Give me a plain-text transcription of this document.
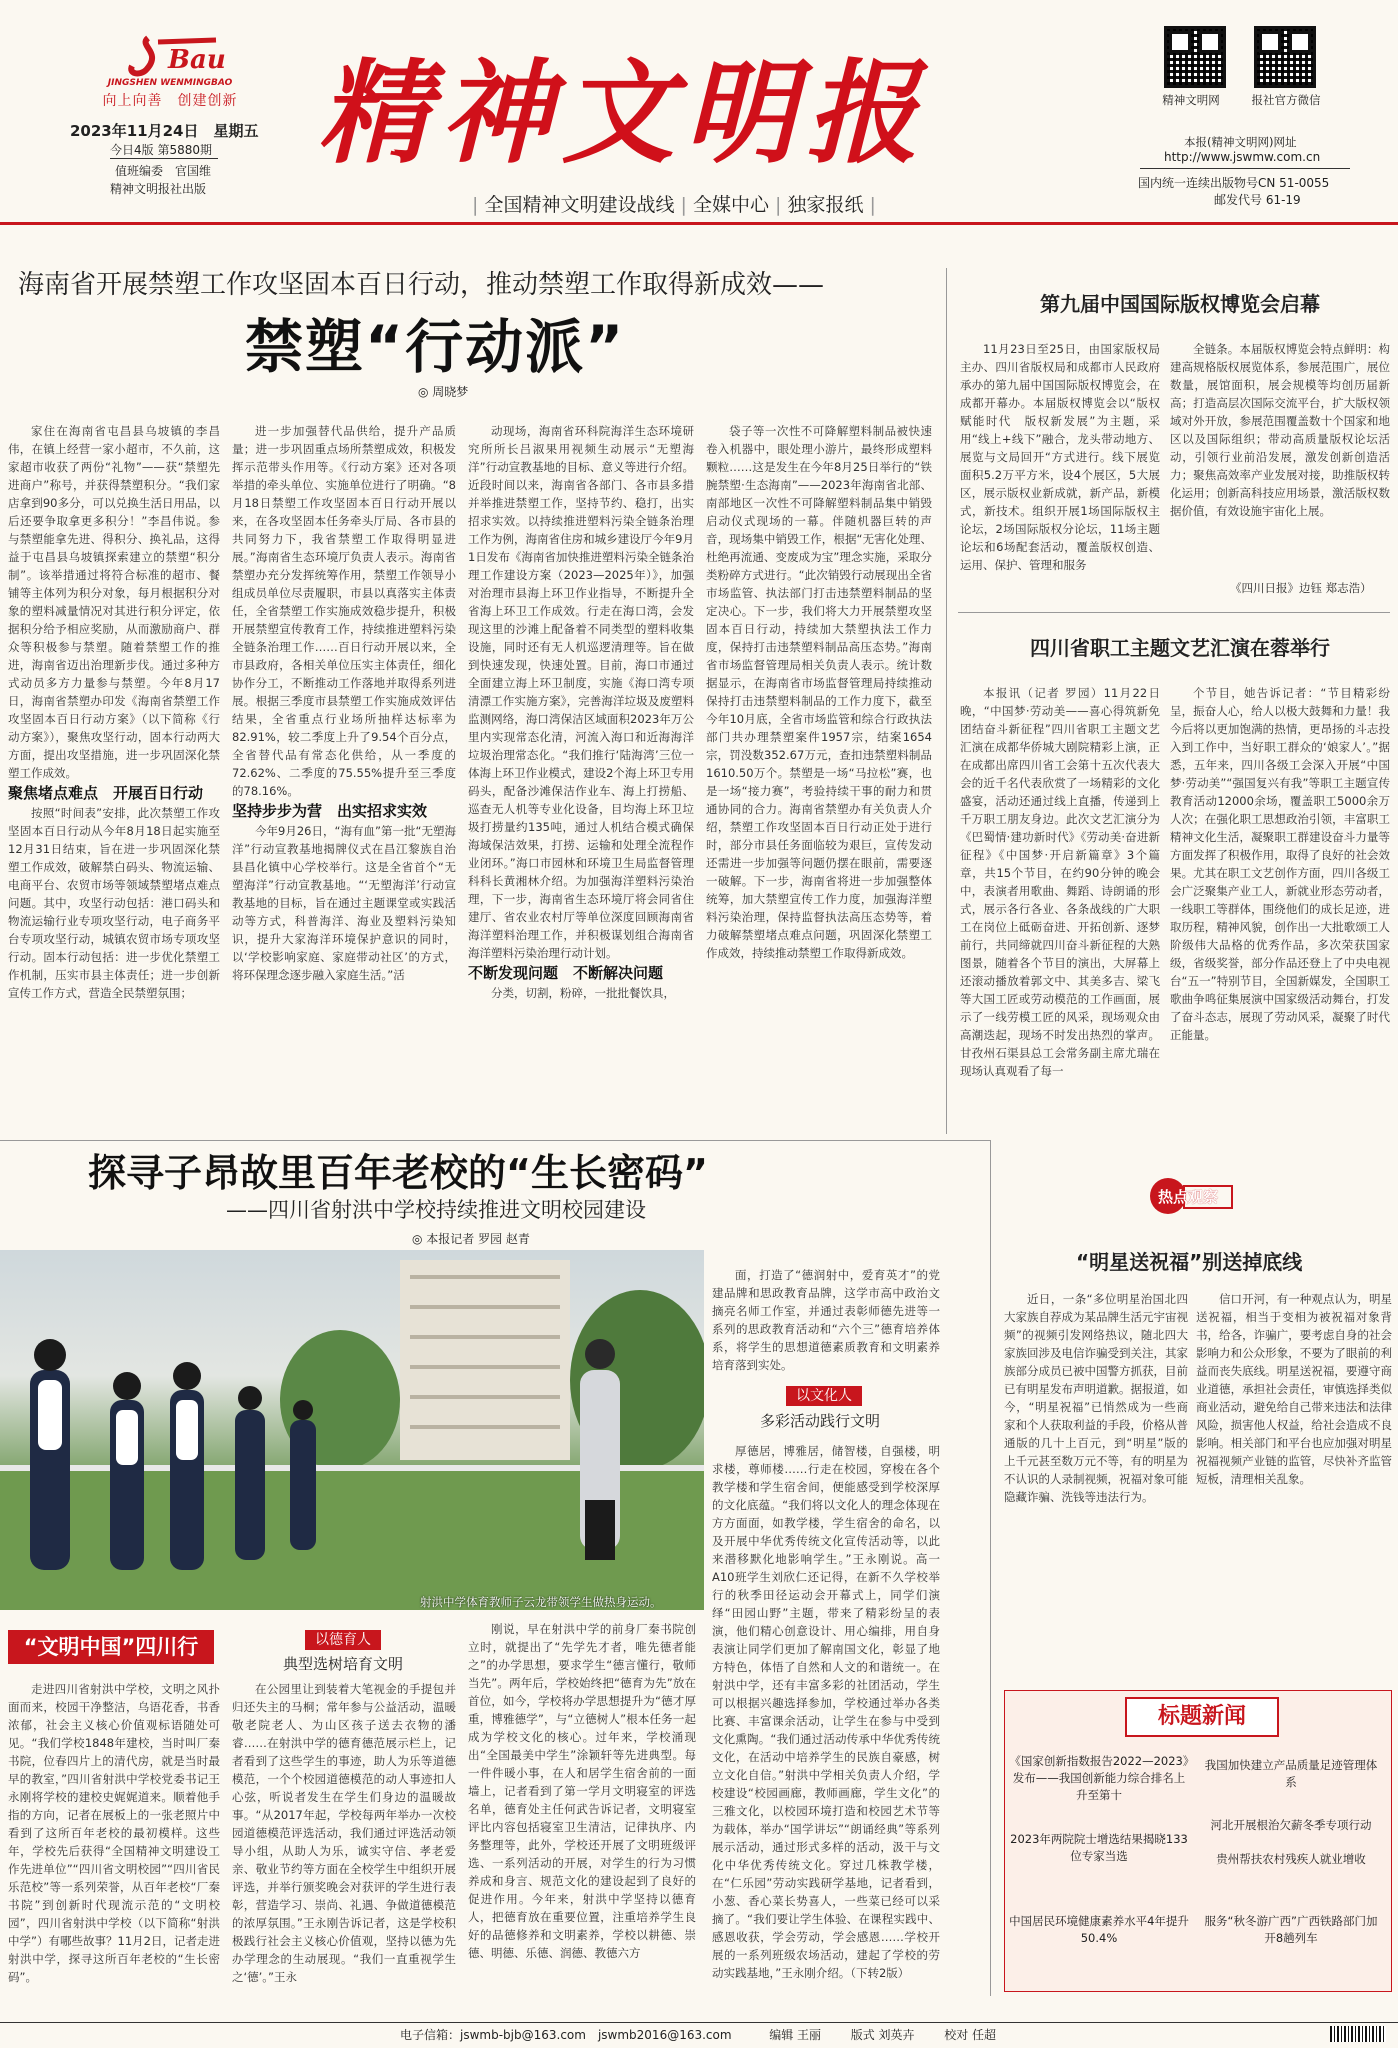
Bau
JINGSHEN WENMINGBAO
向上向善　创建创新
2023年11月24日　星期五
今日4版 第5880期
值班编委　官国维
精神文明报社出版
精神文明报	精神文明网	报社官方微信
本报(精神文明网)网址
http://www.jswmw.com.cn
国内统一连续出版物号CN 51-0055
邮发代号 61-19
| 全国精神文明建设战线 | 全媒中心 | 独家报纸 |
海南省开展禁塑工作攻坚固本百日行动，推动禁塑工作取得新成效——
禁塑“行动派”
◎ 周晓梦

家住在海南省屯昌县乌坡镇的李昌伟，在镇上经营一家小超市，不久前，这家超市收获了两份“礼物”——获“禁塑先进商户”称号，并获得禁塑积分。“我们家店拿到90多分，可以兑换生活日用品，以后还要争取拿更多积分！”李昌伟说。参与禁塑能拿先进、得积分、换礼品，这得益于屯昌县乌坡镇探索建立的禁塑“积分制”。该举措通过将符合标准的超市、餐铺等主体列为积分对象，每月根据积分对象的塑料减量情况对其进行积分评定，依据积分给予相应奖励，从而激励商户、群众等积极参与禁塑。随着禁塑工作的推进，海南省迈出治理新步伐。通过多种方式动员多方力量参与禁塑。今年8月17日，海南省禁塑办印发《海南省禁塑工作攻坚固本百日行动方案》（以下简称《行动方案》），聚焦攻坚行动，固本行动两大方面，提出攻坚措施，进一步巩固深化禁塑工作成效。

聚焦堵点难点　开展百日行动

按照“时间表”安排，此次禁塑工作攻坚固本百日行动从今年8月18日起实施至12月31日结束，旨在进一步巩固深化禁塑工作成效，破解禁白码头、物流运输、电商平台、农贸市场等领域禁塑堵点难点问题。其中，攻坚行动包括：港口码头和物流运输行业专项攻坚行动，电子商务平台专项攻坚行动，城镇农贸市场专项攻坚行动。固本行动包括：进一步优化禁塑工作机制，压实市县主体责任；进一步创新宣传工作方式，营造全民禁塑氛围；

进一步加强替代品供给，提升产品质量；进一步巩固重点场所禁塑成效，积极发挥示范带头作用等。《行动方案》还对各项举措的牵头单位、实施单位进行了明确。“8月18日禁塑工作攻坚固本百日行动开展以来，在各攻坚固本任务牵头厅局、各市县的共同努力下，我省禁塑工作取得明显进展。”海南省生态环境厅负责人表示。海南省禁塑办充分发挥统筹作用，禁塑工作领导小组成员单位尽责履职，市县以真落实主体责任，全省禁塑工作实施成效稳步提升，积极开展禁塑宣传教育工作，持续推进塑料污染全链条治理工作……百日行动开展以来，全市县政府，各相关单位压实主体责任，细化协作分工，不断推动工作落地并取得系列进展。根据三季度市县禁塑工作实施成效评估结果，全省重点行业场所抽样达标率为82.91%，较二季度上升了9.54个百分点，全省替代品有常态化供给，从一季度的72.62%、二季度的75.55%提升至三季度的78.16%。

坚持步步为营　出实招求实效

今年9月26日，“海有血”第一批“无塑海洋”行动宣教基地揭牌仪式在昌江黎族自治县昌化镇中心学校举行。这是全省首个“无塑海洋”行动宣教基地。“‘无塑海洋’行动宣教基地的目标，旨在通过主题课堂或实践活动等方式，科普海洋、海业及塑料污染知识，提升大家海洋环境保护意识的同时，以‘学校影响家庭、家庭带动社区’的方式，将环保理念逐步融入家庭生活。”活

动现场，海南省环科院海洋生态环境研究所所长吕淑果用视频生动展示“无塑海洋”行动宣教基地的目标、意义等进行介绍。近段时间以来，海南省各部门、各市县多措并举推进禁塑工作，坚持节约、稳打，出实招求实效。以持续推进塑料污染全链条治理工作为例，海南省住房和城乡建设厅今年9月1日发布《海南省加快推进塑料污染全链条治理工作建设方案（2023—2025年）》，加强对治理市县海上环卫作业指导，不断提升全省海上环卫工作成效。行走在海口湾，会发现这里的沙滩上配备着不同类型的塑料收集设施，同时还有无人机巡逻清理等。旨在做到快速发现，快速处置。目前，海口市通过全面建立海上环卫制度，实施《海口湾专项清漂工作实施方案》，完善海洋垃圾及废塑料监测网络，海口湾保洁区域面积2023年万公里内实现常态化清，河流入海口和近海海洋垃圾治理常态化。“我们推行‘陆海湾’三位一体海上环卫作业模式，建设2个海上环卫专用码头，配备沙滩保洁作业车、海上打捞船、巡查无人机等专业化设备，目均海上环卫垃圾打捞量约135吨，通过人机结合模式确保海域保洁效果，打捞、运输和处理全流程作业闭环。”海口市园林和环境卫生局监督管理科科长黄湘林介绍。为加强海洋塑料污染治理，下一步，海南省生态环境厅将会同省住建厅、省农业农村厅等单位深度回顾海南省海洋塑料治理工作，并积极谋划组合海南省海洋塑料污染治理行动计划。

不断发现问题　不断解决问题

分类，切割，粉碎，一批批餐饮具，

袋子等一次性不可降解塑料制品被快速卷入机器中，眼处理小游片，最终形成塑料颗粒……这是发生在今年8月25日举行的“铁腕禁塑·生态海南”——2023年海南省北部、南部地区一次性不可降解塑料制品集中销毁启动仪式现场的一幕。伴随机器巨转的声音，现场集中销毁工作，根据“无害化处理、杜绝再流通、变废成为宝”理念实施，采取分类粉碎方式进行。“此次销毁行动展现出全省市场监管、执法部门打击违禁塑料制品的坚定决心。下一步，我们将大力开展禁塑攻坚固本百日行动，持续加大禁塑执法工作力度，保持打击违禁塑料制品高压态势。”海南省市场监督管理局相关负责人表示。统计数据显示，在海南省市场监督管理局持续推动保持打击违禁塑料制品的工作力度下，截至今年10月底，全省市场监管和综合行政执法部门共办理禁塑案件1957宗，结案1654宗，罚没数352.67万元，查扣违禁塑料制品1610.50万个。禁塑是一场“马拉松”赛，也是一场“接力赛”，考验持续干事的耐力和贯通协同的合力。海南省禁塑办有关负责人介绍，禁塑工作攻坚固本百日行动正处于进行时，部分市县任务面临较为艰巨，宣传发动还需进一步加强等问题仍摆在眼前，需要逐一破解。下一步，海南省将进一步加强整体统筹，加大禁塑宣传工作力度，加强海洋塑料污染治理，保持监督执法高压态势等，着力破解禁塑堵点难点问题，巩固深化禁塑工作成效，持续推动禁塑工作取得新成效。

第九届中国国际版权博览会启幕

11月23日至25日，由国家版权局主办、四川省版权局和成都市人民政府承办的第九届中国国际版权博览会，在成都开幕办。本届版权博览会以“版权赋能时代　版权新发展”为主题，采用“线上+线下”融合，龙头带动地方、展览与文局回开“方式进行。线下展览面积5.2万平方米，设4个展区，5大展区，展示版权业新成就，新产品，新模式，新技术。组织开展1场国际版权主论坛，2场国际版权分论坛，11场主题论坛和6场配套活动，覆盖版权创造、运用、保护、管理和服务

全链条。本届版权博览会特点鲜明：构建高规格版权展览体系，参展范围广，展位数量，展馆面积，展会规模等均创历届新高；打造高层次国际交流平台，扩大版权领域对外开放，参展范围覆盖数十个国家和地区以及国际组织；带动高质量版权论坛活动，引领行业前沿发展，激发创新创造活力；聚焦高效率产业发展对接，助推版权转化运用；创新高科技应用场景，激活版权数据价值，有效设施宇宙化上展。

《四川日报》边钰 郑志浩）
四川省职工主题文艺汇演在蓉举行

本报讯（记者 罗园）11月22日晚，“中国梦·劳动美——喜心得筑新免 团结奋斗新征程”四川省职工主题文艺汇演在成都华侨城大剧院精彩上演，正在成都出席四川省工会第十五次代表大会的近千名代表欣赏了一场精彩的文化盛宴，活动还通过线上直播，传递到上千万职工朋友身边。此次文艺汇演分为《巴蜀情·建功新时代》《劳动美·奋进新征程》《中国梦·开启新篇章》3个篇章，共15个节目，在约90分钟的晚会中，表演者用歌曲、舞蹈、诗朗诵的形式，展示各行各业、各条战线的广大职工在岗位上砥砺奋进、开拓创新、逐梦前行，共同缔就四川奋斗新征程的大熟图景，随着各个节目的演出，大屏幕上还滚动播放着郭文中、其美多吉、梁飞等大国工匠或劳动模范的工作画面，展示了一线劳模工匠的风采，现场观众由高潮迭起，现场不时发出热烈的掌声。甘孜州石渠县总工会常务副主席尤瑞在现场认真观看了每一

个节目，她告诉记者：“节目精彩纷呈，振奋人心，给人以极大鼓舞和力量！我今后将以更加饱满的热情，更昂扬的斗志投入到工作中，当好职工群众的‘娘家人’。”据悉，五年来，四川各级工会深入开展“中国梦·劳动美”“强国复兴有我”等职工主题宣传教育活动12000余场，覆盖职工5000余万人次；在强化职工思想政治引领，丰富职工精神文化生活，凝聚职工群建设奋斗力量等方面发挥了积极作用，取得了良好的社会效果。尤其在职工文艺创作方面，四川各级工会广泛聚集产业工人，新就业形态劳动者，一线职工等群体，围绕他们的成长足迹，进取历程，精神风貌，创作出一大批歌颂工人阶级伟大品格的优秀作品，多次荣获国家级，省级奖誉，部分作品还登上了中央电视台“五一”特别节目，全国新媒发，全国职工歌曲争鸣征集展演中国家级活动舞台，打发了奋斗态志，展现了劳动风采，凝聚了时代正能量。

探寻子昂故里百年老校的“生长密码”
——四川省射洪中学校持续推进文明校园建设
◎ 本报记者 罗园 赵青
射洪中学体育教师子云龙带领学生做热身运动。
“文明中国”四川行

走进四川省射洪中学校，文明之风扑面而来，校园干净整洁，乌语花香，书香浓郁，社会主义核心价值观标语随处可见。“我们学校1848年建校，当时叫厂秦书院，位春四片上的清代房，就是当时最早的教室，”四川省射洪中学校党委书记王永刚将学校的建校史娓娓道来。顺着他手指的方向，记者在展板上的一张老照片中看到了这所百年老校的最初模样。这些年，学校先后获得“全国精神文明建设工作先进单位”“四川省文明校园”“四川省民乐范校”等一系列荣誉，从百年老校“厂秦书院”到创新时代现流示范的“文明校园”，四川省射洪中学校（以下简称“射洪中学”）有哪些故事？11月2日，记者走进射洪中学，探寻这所百年老校的“生长密码”。

以德育人
典型选树培育文明

在公园里让到装着大笔视金的手提包并归还失主的马桐；常年参与公益活动，温暖敬老院老人、为山区孩子送去衣物的潘睿……在射洪中学的德育德范展示栏上，记者看到了这些学生的事迹，助人为乐等道德模范，一个个校园道德模范的动人事迹扣人心弦，听说者发生在学生们身边的温暖故事。“从2017年起，学校每两年举办一次校园道德模范评选活动，我们通过评选活动领导小组，从助人为乐，诚实守信、孝老爱亲、敬业节约等方面在全校学生中组织开展评选，并举行颁奖晚会对获评的学生进行表彰，营造学习、崇尚、礼遇、争做道德模范的浓厚氛围。”王永刚告诉记者，这是学校积极践行社会主义核心价值观，坚持以德为先办学理念的生动展现。“我们一直重视学生之‘德’。”王永

刚说，早在射洪中学的前身厂秦书院创立时，就提出了“先学先才者，唯先德者能之”的办学思想，要求学生“德言懂行，敬师当先”。两年后，学校始终把“德育为先”放在首位，如今，学校将办学思想提升为“德才厚重，博雅德学”，与“立德树人”根本任务一起成为学校文化的核心。过年来，学校涌现出“全国最美中学生”涂颖轩等先进典型。每一件件暖小事，在人和居学生宿舍前的一面墙上，记者看到了第一学月文明寝室的评选名单，德育处主任何武告诉记者，文明寝室评比内容包括寝室卫生清洁，记律执序、内务整理等，此外，学校还开展了文明班级评选、一系列活动的开展，对学生的行为习惯养成和身言、规范文化的建设起到了良好的促进作用。今年来，射洪中学坚持以德育人，把德育放在重要位置，注重培养学生良好的品德修养和文明素养，学校以耕德、崇德、明德、乐德、润德、教德六方

面，打造了“德润射中，爱育英才”的党建品牌和思政教育品牌，这学市高中政治文摘亮名师工作室，并通过表彰师德先进等一系列的思政教育活动和“六个三”德育培养体系，将学生的思想道德素质教育和文明素养培育落到实处。

以文化人
多彩活动践行文明

厚德居，博雅居，储智楼，自强楼，明求楼，尊师楼……行走在校园，穿梭在各个教学楼和学生宿舍间，便能感受到学校深厚的文化底蕴。“我们将以文化人的理念体现在方方面面，如教学楼，学生宿舍的命名，以及开展中华优秀传统文化宣传活动等，以此来潜移默化地影响学生。”王永刚说。高一A10班学生刘欣仁还记得，在新不久学校举行的秋季田径运动会开幕式上，同学们演绎“田园山野”主题，带来了精彩纷呈的表演，他们精心创意设计、用心编排，用自身表演让同学们更加了解南国文化，彰显了地方特色，体悟了自然和人文的和谐统一。在射洪中学，还有丰富多彩的社团活动，学生可以根据兴趣选择参加，学校通过举办各类比赛、丰富课余活动，让学生在参与中受到文化熏陶。“我们通过活动传承中华优秀传统文化，在活动中培养学生的民族自豪感，树立文化自信。”射洪中学相关负责人介绍，学校建设“校园画廊，教师画廊，学生文化”的三雅文化，以校园环境打造和校园艺术节等为载体，举办“国学讲坛”“朗诵经典”等系列展示活动，通过形式多样的活动，汲干与文化中华优秀传统文化。穿过几株教学楼，在“仁乐园”劳动实践研学基地，记者看到，小葱、香心菜长势喜人，一些菜已经可以采摘了。“我们要让学生体验、在课程实践中、感恩收获，学会劳动，学会感恩……学校开展的一系列班级农场活动，建起了学校的劳动实践基地，”王永刚介绍。（下转2版）

热点观察
“明星送祝福”别送掉底线

近日，一条“多位明星治国北四大家族自荐成为某品牌生活元宇宙视频”的视频引发网络热议，随北四大家族回涉及电信诈骗受到关注，其家族部分成员已被中国警方抓获，目前已有明星发布声明道歉。据报道，如今，“明星祝福”已悄然成为一些商家和个人获取利益的手段，价格从普通版的几十上百元，到“明星”版的上千元甚至数万元不等，有的明星为不认识的人录制视频，祝福对象可能隐藏诈骗、洗钱等违法行为。

信口开河，有一种观点认为，明星送祝福，相当于变相为被祝福对象背书，给各，诈骗广，要考虑自身的社会影响力和公众形象，不要为了眼前的利益而丧失底线。明星送祝福，要遵守商业道德，承担社会责任，审慎选择类似商业活动，避免给自己带来违法和法律风险，损害他人权益，给社会造成不良影响。相关部门和平台也应加强对明星祝福视频产业链的监管，尽快补齐监管短板，清理相关乱象。

标题新闻
《国家创新指数报告2022—2023》发布——我国创新能力综合排名上升至第十
我国加快建立产品质量足迹管理体系
2023年两院院士增选结果揭晓133位专家当选
河北开展根治欠薪冬季专项行动
贵州帮扶农村残疾人就业增收
中国居民环境健康素养水平4年提升50.4%
服务“秋冬游广西”广西铁路部门加开8趟列车
电子信箱：jswmb-bjb@163.com　jswmb2016@163.com	编辑 王丽 版式 刘英卉 校对 任超
